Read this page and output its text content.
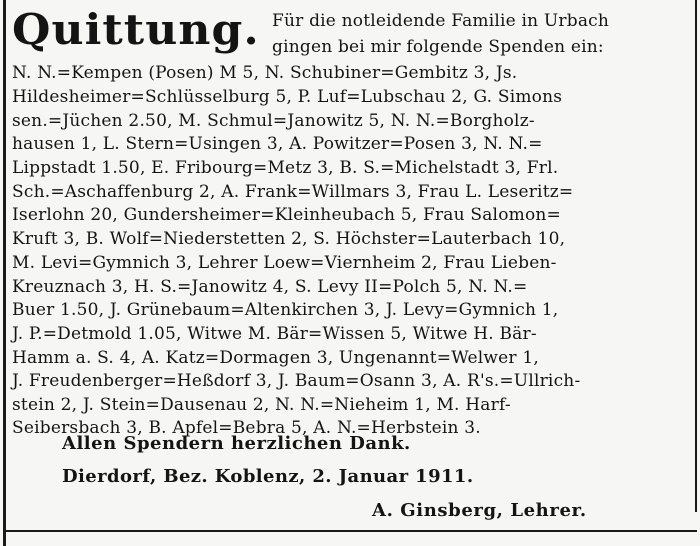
Quittung. Für die notleidende Familie in Urbach
gingen bei mir folgende Spenden ein:
N. N.=Kempen (Posen) M 5, N. Schubiner=Gembitz 3, Js.
Hildesheimer=Schlüsselburg 5, P. Luf=Lubschau 2, G. Simons
sen.=Jüchen 2.50, M. Schmul=Janowitz 5, N. N.=Borgholz-
hausen 1, L. Stern=Usingen 3, A. Powitzer=Posen 3, N. N.=
Lippstadt 1.50, E. Fribourg=Metz 3, B. S.=Michelstadt 3, Frl.
Sch.=Aschaffenburg 2, A. Frank=Willmars 3, Frau L. Leseritz=
Iserlohn 20, Gundersheimer=Kleinheubach 5, Frau Salomon=
Kruft 3, B. Wolf=Niederstetten 2, S. Höchster=Lauterbach 10,
M. Levi=Gymnich 3, Lehrer Loew=Viernheim 2, Frau Lieben-
Kreuznach 3, H. S.=Janowitz 4, S. Levy II=Polch 5, N. N.=
Buer 1.50, J. Grünebaum=Altenkirchen 3, J. Levy=Gymnich 1,
J. P.=Detmold 1.05, Witwe M. Bär=Wissen 5, Witwe H. Bär-
Hamm a. S. 4, A. Katz=Dormagen 3, Ungenannt=Welwer 1,
J. Freudenberger=Heßdorf 3, J. Baum=Osann 3, A. R's.=Ullrich-
stein 2, J. Stein=Dausenau 2, N. N.=Nieheim 1, M. Harf-
Seibersbach 3, B. Apfel=Bebra 5, A. N.=Herbstein 3.
Allen Spendern herzlichen Dank.
Dierdorf, Bez. Koblenz, 2. Januar 1911.
A. Ginsberg, Lehrer.
